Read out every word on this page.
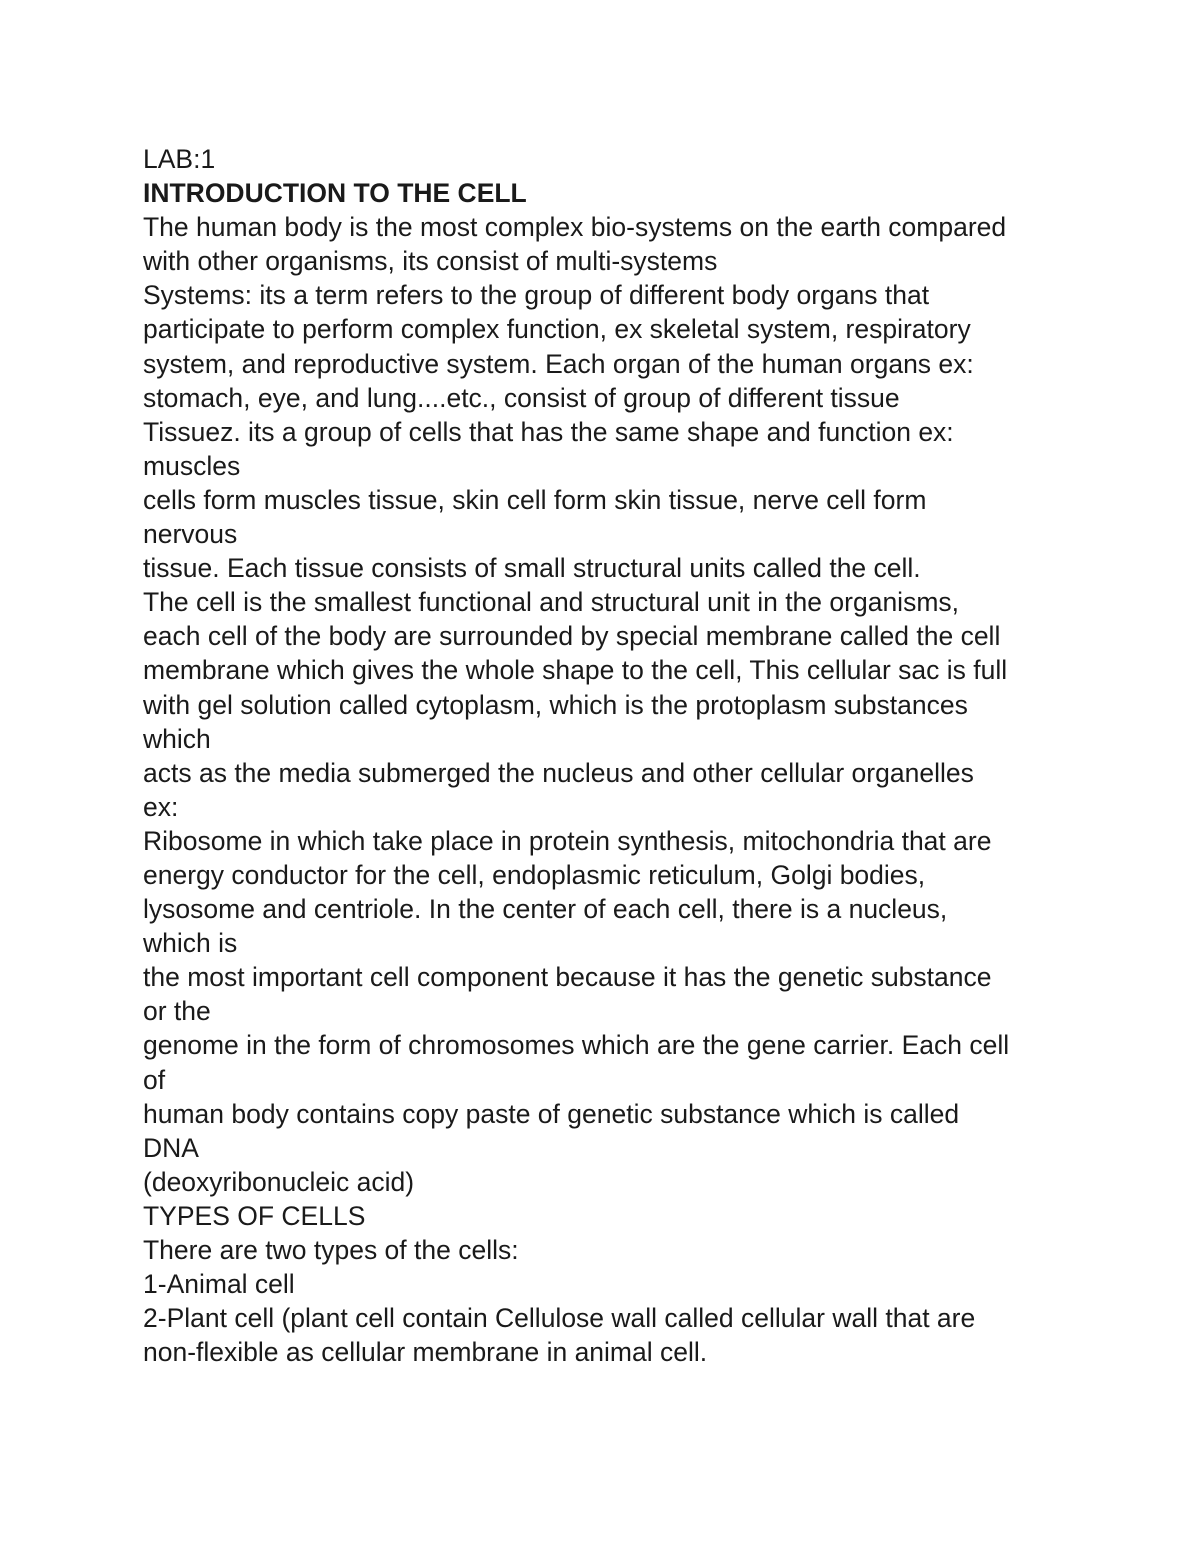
LAB:1
INTRODUCTION TO THE CELL
The human body is the most complex bio-systems on the earth compared
with other organisms, its consist of multi-systems
Systems: its a term refers to the group of different body organs that
participate to perform complex function, ex skeletal system, respiratory
system, and reproductive system. Each organ of the human organs ex:
stomach, eye, and lung....etc., consist of group of different tissue
Tissuez. its a group of cells that has the same shape and function ex:
muscles
cells form muscles tissue, skin cell form skin tissue, nerve cell form
nervous
tissue. Each tissue consists of small structural units called the cell.
The cell is the smallest functional and structural unit in the organisms,
each cell of the body are surrounded by special membrane called the cell
membrane which gives the whole shape to the cell, This cellular sac is full
with gel solution called cytoplasm, which is the protoplasm substances
which
acts as the media submerged the nucleus and other cellular organelles
ex:
Ribosome in which take place in protein synthesis, mitochondria that are
energy conductor for the cell, endoplasmic reticulum, Golgi bodies,
lysosome and centriole. In the center of each cell, there is a nucleus,
which is
the most important cell component because it has the genetic substance
or the
genome in the form of chromosomes which are the gene carrier. Each cell
of
human body contains copy paste of genetic substance which is called
DNA
(deoxyribonucleic acid)
TYPES OF CELLS
There are two types of the cells:
1-Animal cell
2-Plant cell (plant cell contain Cellulose wall called cellular wall that are
non-flexible as cellular membrane in animal cell.
